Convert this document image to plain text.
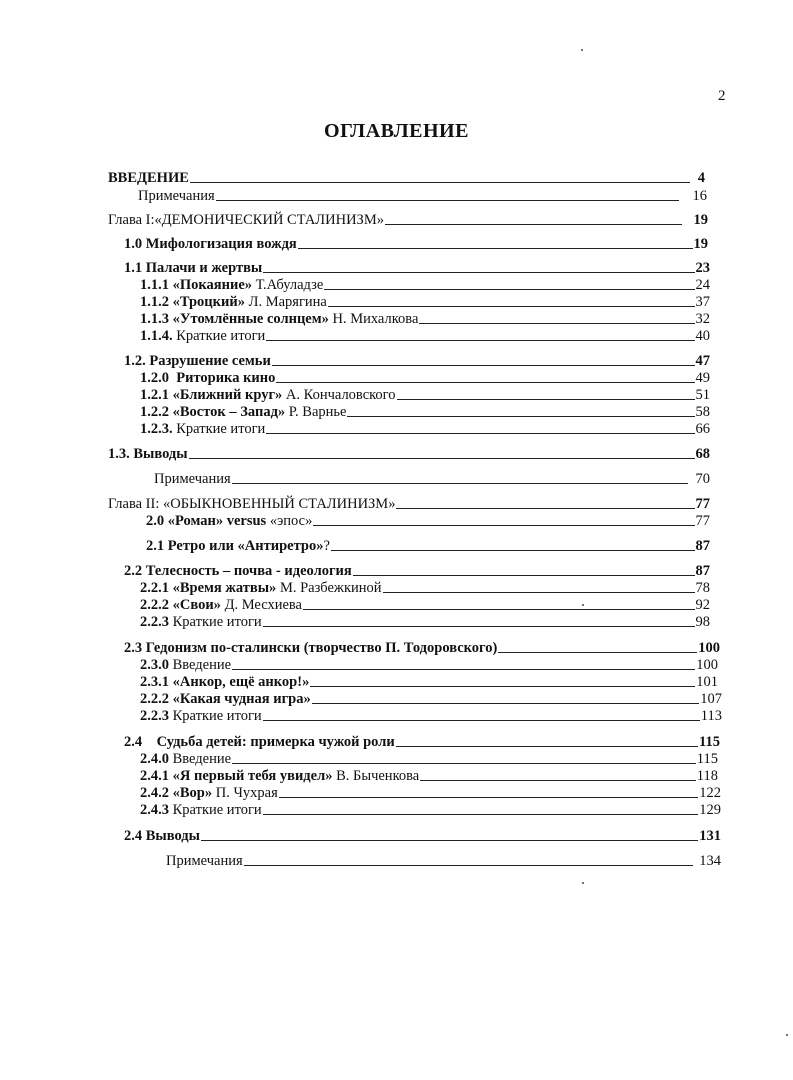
2
ОГЛАВЛЕНИЕ
ВВЕДЕНИЕ	4
Примечания	16
Глава I:«ДЕМОНИЧЕСКИЙ СТАЛИНИЗМ»	19
1.0 Мифологизация вождя	19
1.1 Палачи и жертвы	23
1.1.1 «Покаяние» Т.Абуладзе	24
1.1.2 «Троцкий» Л. Марягина	37
1.1.3 «Утомлённые солнцем» Н. Михалкова	32
1.1.4. Краткие итоги	40
1.2. Разрушение семьи	47
1.2.0 Риторика кино	49
1.2.1 «Ближний круг» А. Кончаловского	51
1.2.2 «Восток – Запад» Р. Варнье	58
1.2.3. Краткие итоги	66
1.3. Выводы	68
Примечания	70
Глава II: «ОБЫКНОВЕННЫЙ СТАЛИНИЗМ»	77
2.0 «Роман» versus «эпос»	77
2.1 Ретро или «Антиретро»?	87
2.2 Телесность – почва - идеология	87
2.2.1 «Время жатвы» М. Разбежкиной	78
2.2.2 «Свои» Д. Месхиева	92
2.2.3 Краткие итоги	98
2.3 Гедонизм по-сталински (творчество П. Тодоровского)	100
2.3.0 Введение	100
2.3.1 «Анкор, ещё анкор!»	101
2.2.2 «Какая чудная игра»	107
2.2.3 Краткие итоги	113
2.4 Судьба детей: примерка чужой роли	115
2.4.0 Введение	115
2.4.1 «Я первый тебя увидел» В. Быченкова	118
2.4.2 «Вор» П. Чухрая	122
2.4.3 Краткие итоги	129
2.4 Выводы	131
Примечания	134
